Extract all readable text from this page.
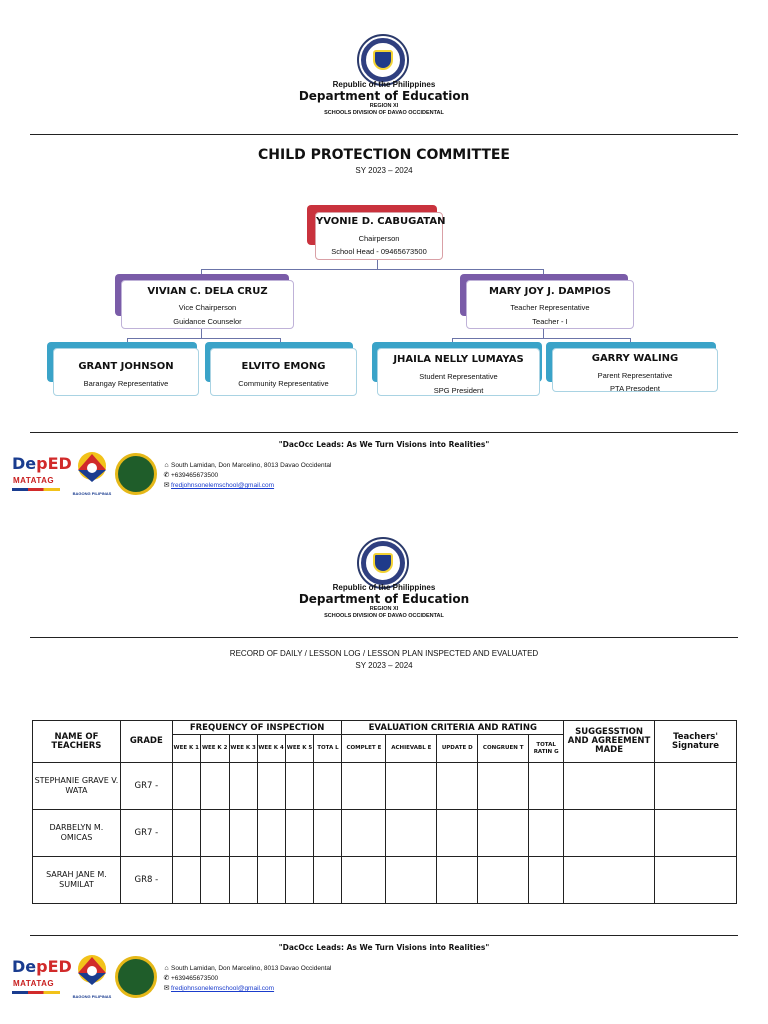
Republic of the Philippines
Department of Education
REGION XI
SCHOOLS DIVISION OF DAVAO OCCIDENTAL
CHILD PROTECTION COMMITTEE
SY 2023 – 2024
YVONIE D. CABUGATAN
Chairperson
School Head - 09465673500
VIVIAN C. DELA CRUZ
Vice Chairperson
Guidance Counselor
MARY JOY J. DAMPIOS
Teacher Representative
Teacher - I
GRANT JOHNSON
Barangay Representative
ELVITO EMONG
Community Representative
JHAILA NELLY LUMAYAS
Student Representative
SPG President
GARRY WALING
Parent Representative
PTA Presodent
"DacOcc Leads: As We Turn Visions into Realities"
DepED
MATATAG
BAGONG PILIPINAS
⌂ South Lamidan, Don Marcelino, 8013 Davao Occidental
✆ +639465673500
✉ fredjohnsonelemschool@gmail.com
Republic of the Philippines
Department of Education
REGION XI
SCHOOLS DIVISION OF DAVAO OCCIDENTAL
RECORD OF DAILY / LESSON LOG / LESSON PLAN INSPECTED AND EVALUATED
SY 2023 – 2024
NAME OF TEACHERS	GRADE	FREQUENCY OF INSPECTION						EVALUATION CRITERIA AND RATING					SUGGESSTION AND AGREEMENT MADE	Teachers' Signature
		WEE K 1	WEE K 2	WEE K 3	WEE K 4	WEE K 5	TOTA L	COMPLET E	ACHIEVABL E	UPDATE D	CONGRUEN T	TOTAL RATIN G		
STEPHANIE GRAVE V. WATA	GR7 -													
DARBELYN M. OMICAS	GR7 -													
SARAH JANE M. SUMILAT	GR8 -													
"DacOcc Leads: As We Turn Visions into Realities"
DepED
MATATAG
BAGONG PILIPINAS
⌂ South Lamidan, Don Marcelino, 8013 Davao Occidental
✆ +639465673500
✉ fredjohnsonelemschool@gmail.com
